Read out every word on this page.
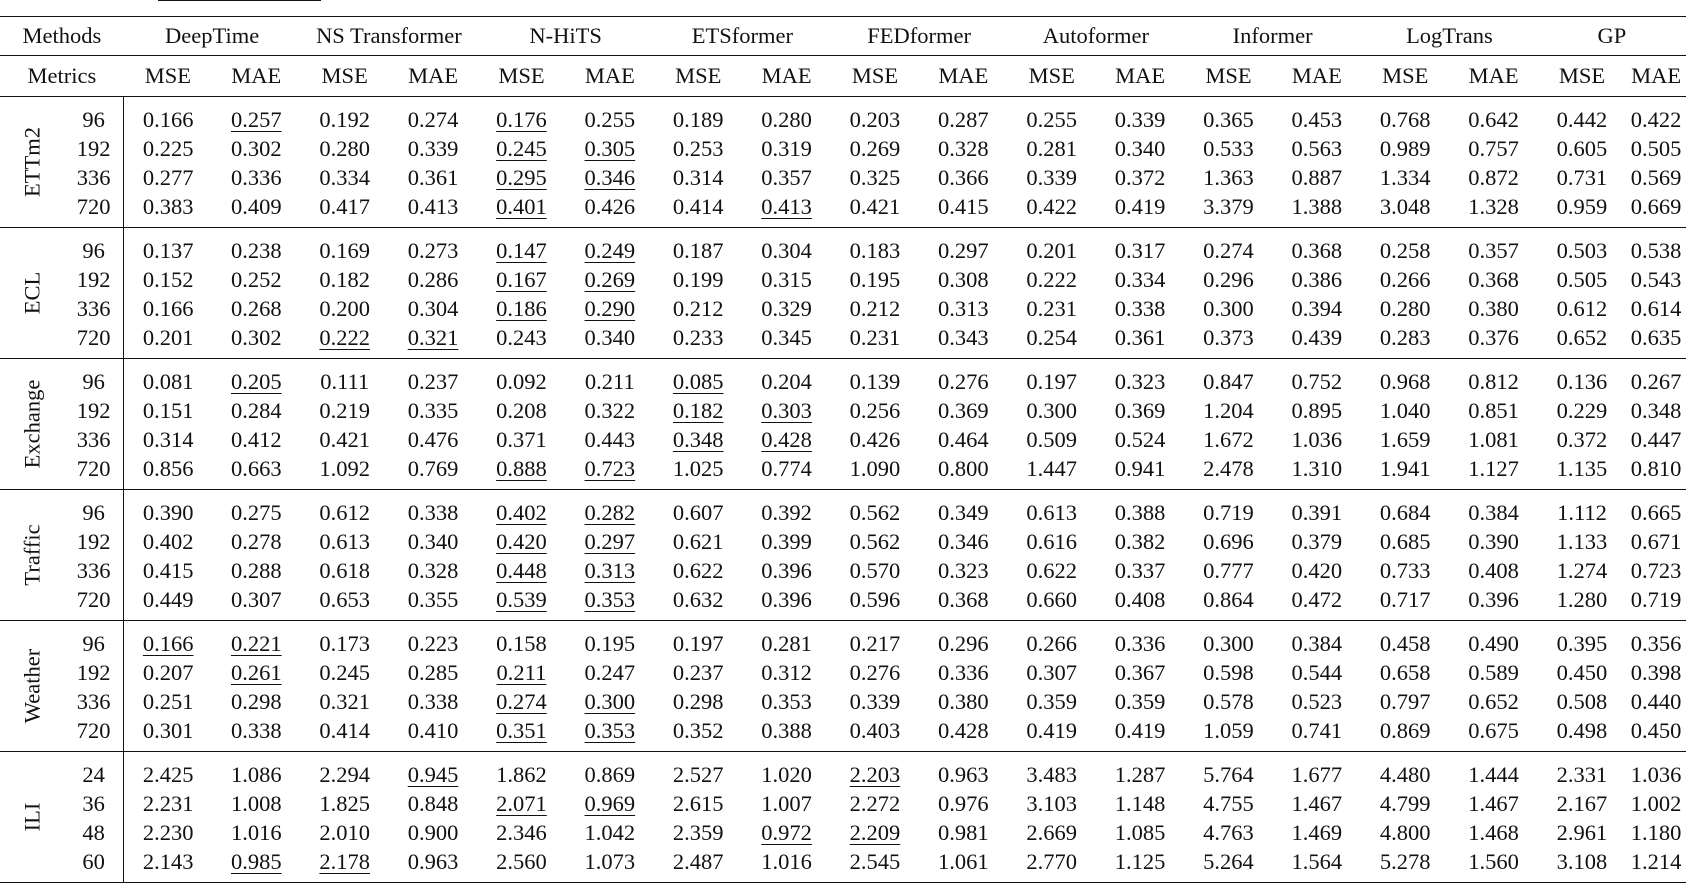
Methods		DeepTime		NS Transformer		N-HiTS		ETSformer		FEDformer		Autoformer		Informer		LogTrans		GP	
Metrics		MSE	MAE	MSE	MAE	MSE	MAE	MSE	MAE	MSE	MAE	MSE	MAE	MSE	MAE	MSE	MAE	MSE	MAE

ETTm2	96	0.166	0.257	0.192	0.274	0.176	0.255	0.189	0.280	0.203	0.287	0.255	0.339	0.365	0.453	0.768	0.642	0.442	0.422
	192	0.225	0.302	0.280	0.339	0.245	0.305	0.253	0.319	0.269	0.328	0.281	0.340	0.533	0.563	0.989	0.757	0.605	0.505
	336	0.277	0.336	0.334	0.361	0.295	0.346	0.314	0.357	0.325	0.366	0.339	0.372	1.363	0.887	1.334	0.872	0.731	0.569
	720	0.383	0.409	0.417	0.413	0.401	0.426	0.414	0.413	0.421	0.415	0.422	0.419	3.379	1.388	3.048	1.328	0.959	0.669

ECL	96	0.137	0.238	0.169	0.273	0.147	0.249	0.187	0.304	0.183	0.297	0.201	0.317	0.274	0.368	0.258	0.357	0.503	0.538
	192	0.152	0.252	0.182	0.286	0.167	0.269	0.199	0.315	0.195	0.308	0.222	0.334	0.296	0.386	0.266	0.368	0.505	0.543
	336	0.166	0.268	0.200	0.304	0.186	0.290	0.212	0.329	0.212	0.313	0.231	0.338	0.300	0.394	0.280	0.380	0.612	0.614
	720	0.201	0.302	0.222	0.321	0.243	0.340	0.233	0.345	0.231	0.343	0.254	0.361	0.373	0.439	0.283	0.376	0.652	0.635

Exchange	96	0.081	0.205	0.111	0.237	0.092	0.211	0.085	0.204	0.139	0.276	0.197	0.323	0.847	0.752	0.968	0.812	0.136	0.267
	192	0.151	0.284	0.219	0.335	0.208	0.322	0.182	0.303	0.256	0.369	0.300	0.369	1.204	0.895	1.040	0.851	0.229	0.348
	336	0.314	0.412	0.421	0.476	0.371	0.443	0.348	0.428	0.426	0.464	0.509	0.524	1.672	1.036	1.659	1.081	0.372	0.447
	720	0.856	0.663	1.092	0.769	0.888	0.723	1.025	0.774	1.090	0.800	1.447	0.941	2.478	1.310	1.941	1.127	1.135	0.810

Traffic	96	0.390	0.275	0.612	0.338	0.402	0.282	0.607	0.392	0.562	0.349	0.613	0.388	0.719	0.391	0.684	0.384	1.112	0.665
	192	0.402	0.278	0.613	0.340	0.420	0.297	0.621	0.399	0.562	0.346	0.616	0.382	0.696	0.379	0.685	0.390	1.133	0.671
	336	0.415	0.288	0.618	0.328	0.448	0.313	0.622	0.396	0.570	0.323	0.622	0.337	0.777	0.420	0.733	0.408	1.274	0.723
	720	0.449	0.307	0.653	0.355	0.539	0.353	0.632	0.396	0.596	0.368	0.660	0.408	0.864	0.472	0.717	0.396	1.280	0.719

Weather	96	0.166	0.221	0.173	0.223	0.158	0.195	0.197	0.281	0.217	0.296	0.266	0.336	0.300	0.384	0.458	0.490	0.395	0.356
	192	0.207	0.261	0.245	0.285	0.211	0.247	0.237	0.312	0.276	0.336	0.307	0.367	0.598	0.544	0.658	0.589	0.450	0.398
	336	0.251	0.298	0.321	0.338	0.274	0.300	0.298	0.353	0.339	0.380	0.359	0.359	0.578	0.523	0.797	0.652	0.508	0.440
	720	0.301	0.338	0.414	0.410	0.351	0.353	0.352	0.388	0.403	0.428	0.419	0.419	1.059	0.741	0.869	0.675	0.498	0.450

ILI	24	2.425	1.086	2.294	0.945	1.862	0.869	2.527	1.020	2.203	0.963	3.483	1.287	5.764	1.677	4.480	1.444	2.331	1.036
	36	2.231	1.008	1.825	0.848	2.071	0.969	2.615	1.007	2.272	0.976	3.103	1.148	4.755	1.467	4.799	1.467	2.167	1.002
	48	2.230	1.016	2.010	0.900	2.346	1.042	2.359	0.972	2.209	0.981	2.669	1.085	4.763	1.469	4.800	1.468	2.961	1.180
	60	2.143	0.985	2.178	0.963	2.560	1.073	2.487	1.016	2.545	1.061	2.770	1.125	5.264	1.564	5.278	1.560	3.108	1.214
